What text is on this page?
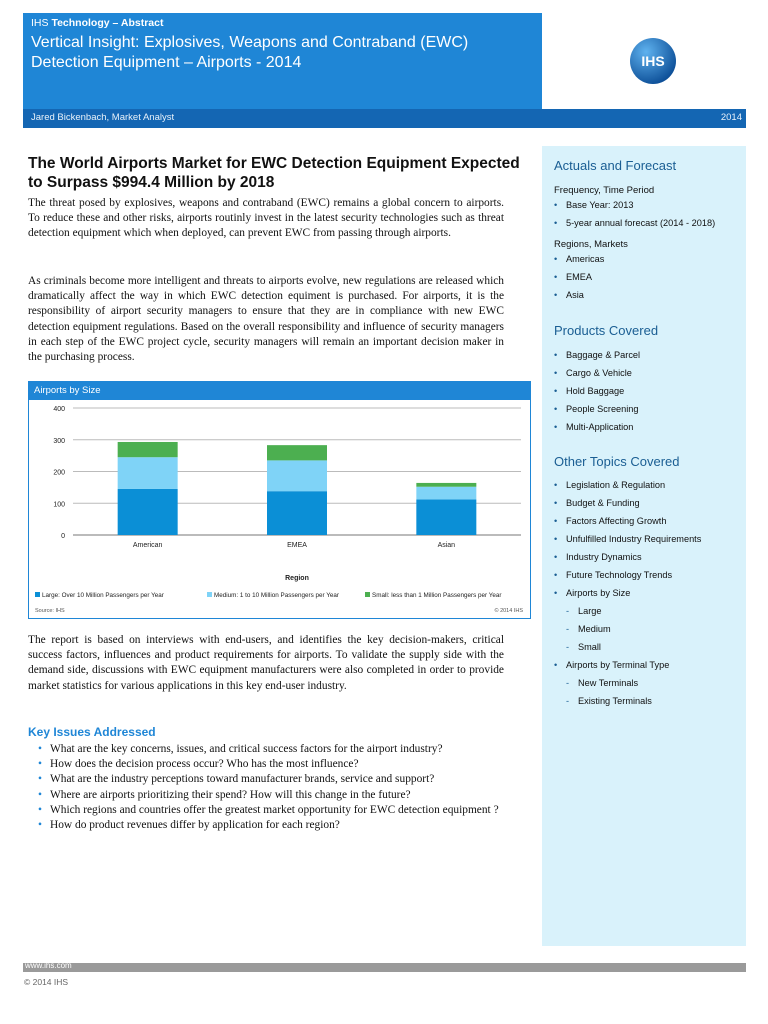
IHS Technology – Abstract
Vertical Insight: Explosives, Weapons and Contraband (EWC)
Detection Equipment – Airports - 2014
Jared Bickenbach, Market Analyst
IHS
2014
The World Airports Market for EWC Detection Equipment Expected to Surpass $994.4 Million by 2018
The threat posed by explosives, weapons and contraband (EWC) remains a global concern to airports. To reduce these and other risks, airports routinly invest in the latest security technologies such as threat detection equipment which when deployed, can prevent EWC from passing through airports.
As criminals become more intelligent and threats to airports evolve, new regulations are released which dramatically affect the way in which EWC detection equiment is purchased. For airports, it is the responsibility of airport security managers to ensure that they are in compliance with new EWC detection equipment regulations. Based on the overall responsibility and influence of security managers in each step of the EWC project cycle, security managers will remain an important decision maker in the purchasing process.
Airports by Size
0
100
200
300
400
American	EMEA	Asian
Region
Large: Over 10 Million Passengers per Year	Medium: 1 to 10 Million Passengers per Year	Small: less than 1 Million Passengers per Year
Source: IHS	© 2014 IHS
The report is based on interviews with end-users, and identifies the key decision-makers, critical success factors, influences and product requirements for airports. To validate the supply side with the demand side, discussions with EWC equipment manufacturers were also completed in order to provide market statistics for various applications in this key end-user industry.
Key Issues Addressed
• What are the key concerns, issues, and critical success factors for the airport industry?
• How does the decision process occur? Who has the most influence?
• What are the industry perceptions toward manufacturer brands, service and support?
• Where are airports prioritizing their spend? How will this change in the future?
• Which regions and countries offer the greatest market opportunity for EWC detection equipment ?
• How do product revenues differ by application for each region?
Actuals and Forecast
Frequency, Time Period
• Base Year: 2013
• 5-year annual forecast (2014 - 2018)
Regions, Markets
• Americas
• EMEA
• Asia
Products Covered
• Baggage & Parcel
• Cargo & Vehicle
• Hold Baggage
• People Screening
• Multi-Application
Other Topics Covered
• Legislation & Regulation
• Budget & Funding
• Factors Affecting Growth
• Unfulfilled Industry Requirements
• Industry Dynamics
• Future Technology Trends
• Airports by Size
- Large
- Medium
- Small
• Airports by Terminal Type
- New Terminals
- Existing Terminals
www.ihs.com
© 2014 IHS
